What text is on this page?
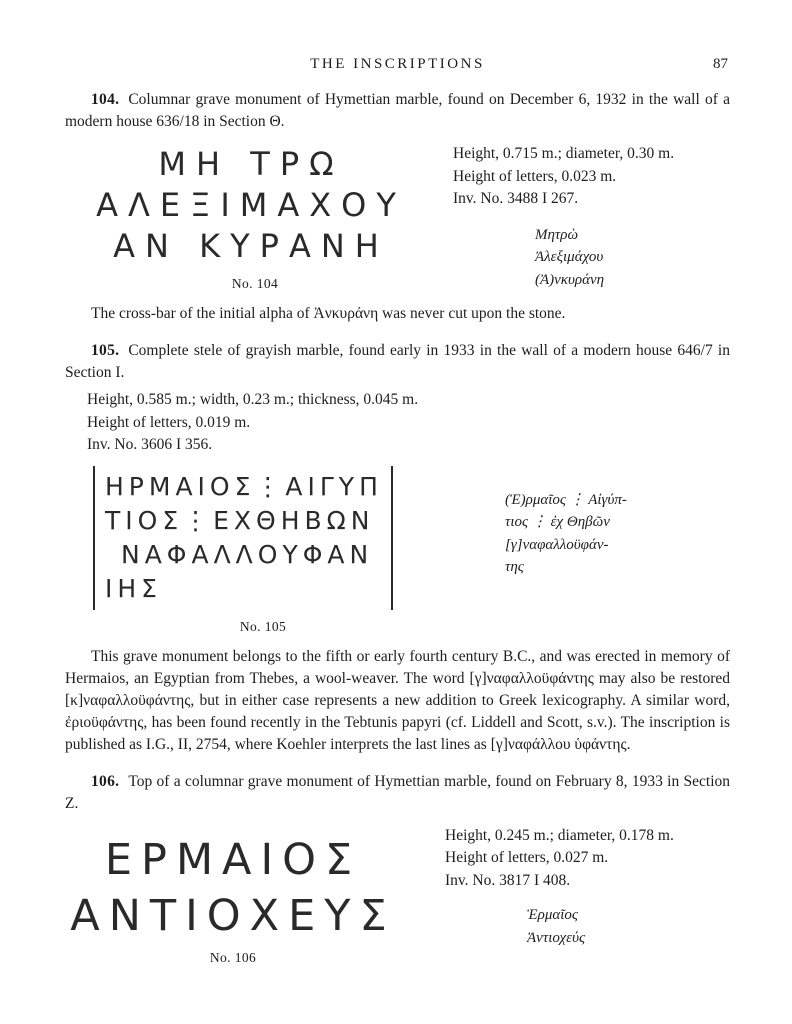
THE INSCRIPTIONS	87

104. Columnar grave monument of Hymettian marble, found on December 6, 1932 in the wall of a modern house 636/18 in Section Θ.

ΜΗ ΤΡΩ
ΑΛΕΞΙΜΑΧΟΥ
ΑΝ ΚΥΡΑΝΗ
No. 104
Height, 0.715 m.; diameter, 0.30 m.
Height of letters, 0.023 m.
Inv. No. 3488 I 267.
Μητρὼ
Ἀλεξιμάχου
(Ἀ)νκυράνη

The cross-bar of the initial alpha of Ἀνκυράνη was never cut upon the stone.

105. Complete stele of grayish marble, found early in 1933 in the wall of a modern house 646/7 in Section Ι.

Height, 0.585 m.; width, 0.23 m.; thickness, 0.045 m.
Height of letters, 0.019 m.
Inv. No. 3606 I 356.
ΗΡΜΑΙΟΣ⋮ΑΙΓΥΠ
ΤΙΟΣ⋮ΕΧΘΗΒΩΝ
ΝΑΦΑΛΛΟΥΦΑΝ
ΙΗΣ
No. 105
(Ἑ)ρμαῖος ⋮ Αἰγύπ-
τιος ⋮ ἐχ Θηβῶν
[γ]ναφαλλοϋφάν-
της

This grave monument belongs to the fifth or early fourth century B.C., and was erected in memory of Hermaios, an Egyptian from Thebes, a wool-weaver. The word [γ]ναφαλλοϋφάντης may also be restored [κ]ναφαλλοϋφάντης, but in either case represents a new addition to Greek lexicography. A similar word, ἐριοϋφάντης, has been found recently in the Tebtunis papyri (cf. Liddell and Scott, s.v.). The inscription is published as I.G., II, 2754, where Koehler interprets the last lines as [γ]ναφάλλου ὑφάντης.

106. Top of a columnar grave monument of Hymettian marble, found on February 8, 1933 in Section Ζ.

ΕΡΜΑΙΟΣ
ΑΝΤΙΟΧΕΥΣ
No. 106
Height, 0.245 m.; diameter, 0.178 m.
Height of letters, 0.027 m.
Inv. No. 3817 I 408.
Ἑρμαῖος
Ἀντιοχεύς
